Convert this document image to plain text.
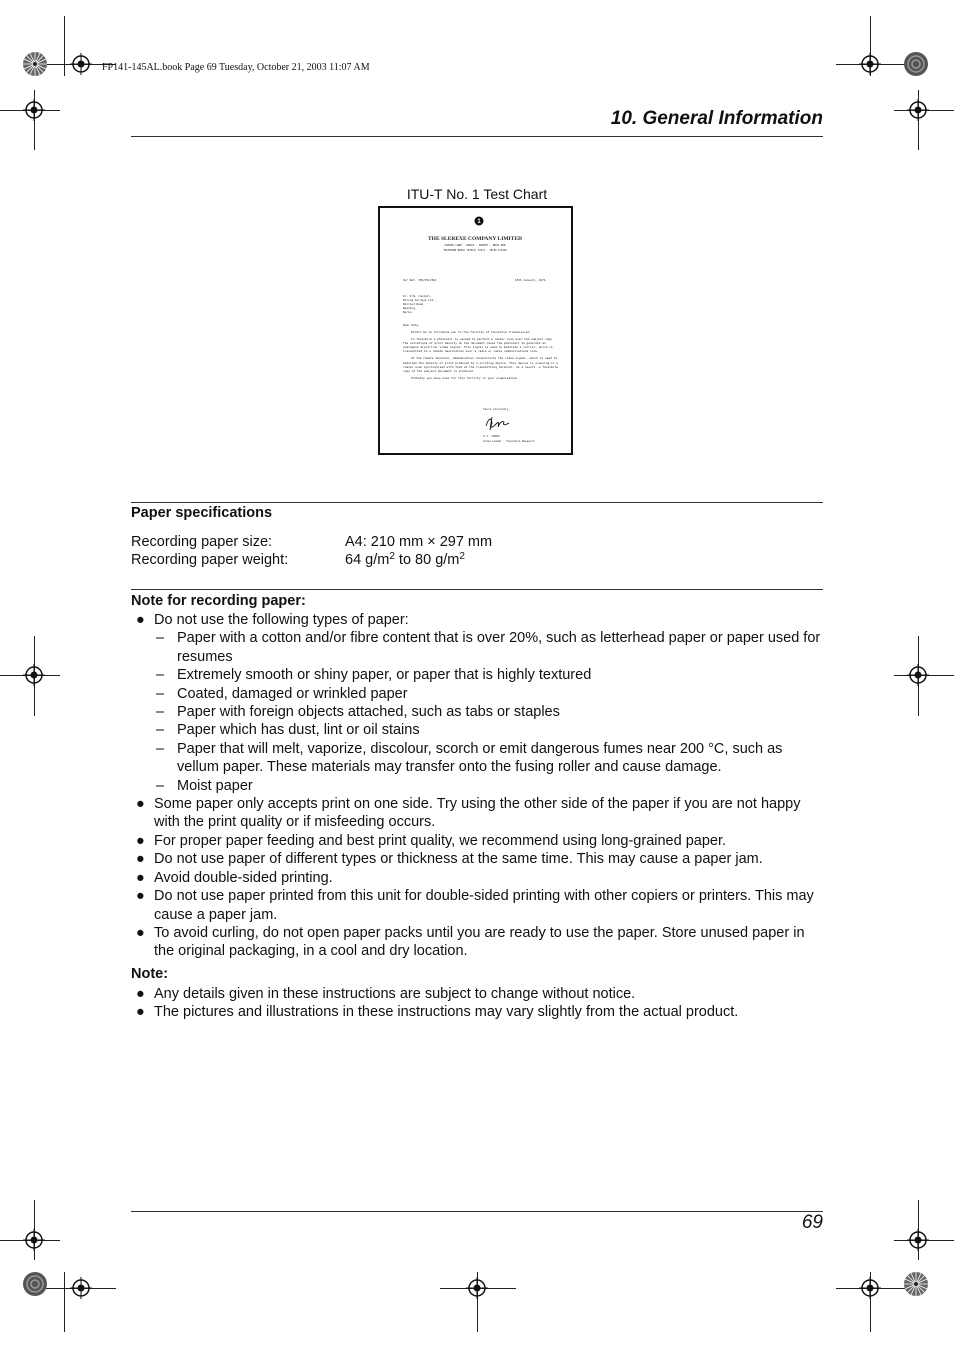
FP141-145AL.book Page 69 Tuesday, October 21, 2003 11:07 AM
10. General Information
ITU-T No. 1 Test Chart
1
THE SLEREXE COMPANY LIMITED
SAPORS LANE - BOOLE - DORSET - BH25 8ER
TELEPHONE BOOLE (94513) 51617 - TELEX 123456
Our Ref. 350/PJC/EAC	18th January, 1972.
Dr. P.N. Cundall,
Mining Surveys Ltd.,
Holroyd Road,
Reading,
Berks.
Dear Pete,
Permit me to introduce you to the facility of facsimile transmission.
In facsimile a photocell is caused to perform a raster scan over the subject copy. The variations of print density on the document cause the photocell to generate an analogous electrical video signal. This signal is used to modulate a carrier, which is transmitted to a remote destination over a radio or cable communications link.
At the remote terminal, demodulation reconstructs the video signal, which is used to modulate the density of print produced by a printing device. This device is scanning in a raster scan synchronised with that at the transmitting terminal. As a result, a facsimile copy of the subject document is produced.
Probably you have uses for this facility in your organisation.
Yours sincerely,
P.J. CROSS
Group Leader - Facsimile Research
Paper specifications
Recording paper size:	A4: 210 mm × 297 mm
Recording paper weight:	64 $g/m^2$ to 80 $g/m^2$
Note for recording paper:
● Do not use the following types of paper:
– Paper with a cotton and/or fibre content that is over 20%, such as letterhead paper or paper used for resumes
– Extremely smooth or shiny paper, or paper that is highly textured
– Coated, damaged or wrinkled paper
– Paper with foreign objects attached, such as tabs or staples
– Paper which has dust, lint or oil stains
– Paper that will melt, vaporize, discolour, scorch or emit dangerous fumes near 200 °C, such as vellum paper. These materials may transfer onto the fusing roller and cause damage.
– Moist paper
● Some paper only accepts print on one side. Try using the other side of the paper if you are not happy with the print quality or if misfeeding occurs.
● For proper paper feeding and best print quality, we recommend using long-grained paper.
● Do not use paper of different types or thickness at the same time. This may cause a paper jam.
● Avoid double-sided printing.
● Do not use paper printed from this unit for double-sided printing with other copiers or printers. This may cause a paper jam.
● To avoid curling, do not open paper packs until you are ready to use the paper. Store unused paper in the original packaging, in a cool and dry location.
Note:
● Any details given in these instructions are subject to change without notice.
● The pictures and illustrations in these instructions may vary slightly from the actual product.
69
